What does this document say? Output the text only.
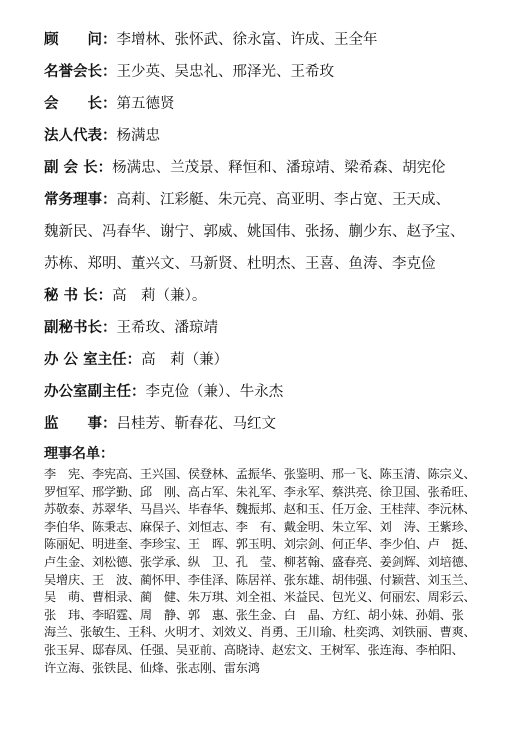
顾　　问： 李增林、张怀武、徐永富、许成、王全年
名誉会长： 王少英、吴忠礼、邢泽光、王希玫
会　　长： 第五德贤
法人代表： 杨满忠
副 会 长： 杨满忠、兰茂景、释恒和、潘琼靖、梁希森、胡宪伦
常务理事： 高莉、江彩艇、朱元亮、高亚明、李占宽、王天成、
魏新民、冯春华、谢宁、郭威、姚国伟、张扬、蒯少东、赵予宝、
苏栋、郑明、董兴文、马新贤、杜明杰、王喜、鱼涛、李克俭
秘 书 长： 高　莉（兼）。
副秘书长： 王希玫、潘琼靖
办 公 室主任： 高　莉（兼）
办公室副主任： 李克俭（兼）、牛永杰
监　　事： 吕桂芳、靳春花、马红文
理事名单：
李　宪、李宪高、王兴国、侯登林、孟振华、张鉴明、邢一飞、陈玉清、陈宗义、
罗恒军、邢学勤、邱　刚、高占军、朱礼军、李永军、蔡洪亮、徐卫国、张希旺、
苏敬泰、苏翠华、马昌兴、毕春华、魏振邦、赵和玉、任万金、王桂萍、李沅林、
李伯华、陈秉志、麻保子、刘恒志、李　有、戴金明、朱立军、刘　涛、王紫珍、
陈丽妃、明进奎、李珍宝、王　晖、郭玉明、刘宗剑、何正华、李少伯、卢　挺、
卢生金、刘松德、张学承、纵　卫、孔　莹、柳茗翰、盛春亮、姜剑辉、刘培德、
吴增庆、王　波、蔺怀甲、李佳泽、陈居祥、张东雄、胡伟强、付颖营、刘玉兰、
吴　萌、曹相录、蔺　健、朱万琪、刘全祖、米益民、包光义、何丽宏、周彩云、
张　玮、李昭霆、周　静、郭　惠、张生金、白　晶、方红、胡小妹、孙娟、张
海兰、张敏生、王科、火明才、刘效义、肖勇、王川瑜、杜奕鸿、刘铁丽、曹爽、
张玉昇、邸春凤、任强、吴亚前、高晓诗、赵宏文、王树军、张连海、李柏阳、
许立海、张铁昆、仙烽、张志刚、雷东鸿
